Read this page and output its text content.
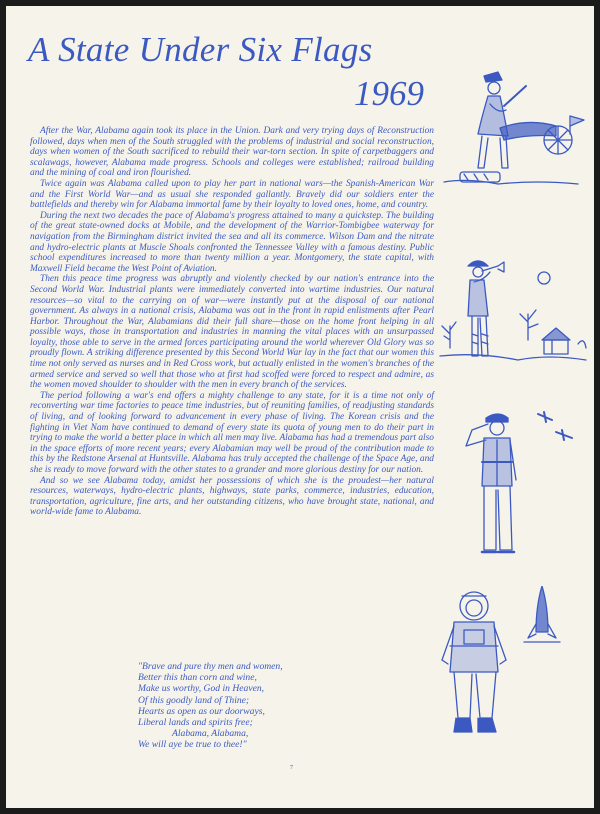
A State Under Six Flags
1969

After the War, Alabama again took its place in the Union. Dark and very trying days of Reconstruction followed, days when men of the South struggled with the problems of industrial and social reconstruction, days when women of the South sacrificed to rebuild their war-torn section. In spite of carpetbaggers and scalawags, however, Alabama made progress. Schools and colleges were established; railroad building and the mining of coal and iron flourished.

Twice again was Alabama called upon to play her part in national wars—the Spanish-American War and the First World War—and as usual she responded gallantly. Bravely did our soldiers enter the battlefields and thereby win for Alabama immortal fame by their loyalty to loved ones, home, and country.

During the next two decades the pace of Alabama's progress attained to many a quickstep. The building of the great state-owned docks at Mobile, and the development of the Warrior-Tombigbee waterway for navigation from the Birmingham district invited the sea and all its commerce. Wilson Dam and the nitrate and hydro-electric plants at Muscle Shoals confronted the Tennessee Valley with a famous destiny. Public school expenditures increased to more than twenty million a year. Montgomery, the state capital, with Maxwell Field became the West Point of Aviation.

Then this peace time progress was abruptly and violently checked by our nation's entrance into the Second World War. Industrial plants were immediately converted into wartime industries. Our natural resources—so vital to the carrying on of war—were instantly put at the disposal of our national government. As always in a national crisis, Alabama was out in the front in rapid enlistments after Pearl Harbor. Throughout the War, Alabamians did their full share—those on the home front helping in all possible ways, those in transportation and industries in manning the vital places with an unsurpassed loyalty, those able to serve in the armed forces participating around the world wherever Old Glory was so proudly flown. A striking difference presented by this Second World War lay in the fact that our women this time not only served as nurses and in Red Cross work, but actually enlisted in the women's branches of the armed service and served so well that those who at first had scoffed were forced to respect and admire, as the women moved shoulder to shoulder with the men in every branch of the services.

The period following a war's end offers a mighty challenge to any state, for it is a time not only of reconverting war time factories to peace time industries, but of reuniting families, of readjusting standards of living, and of looking forward to advancement in every phase of living. The Korean crisis and the fighting in Viet Nam have continued to demand of every state its quota of young men to do their part in trying to make the world a better place in which all men may live. Alabama has had a tremendous part also in the space efforts of more recent years; every Alabamian may well be proud of the contribution made to this by the Redstone Arsenal at Huntsville. Alabama has truly accepted the challenge of the Space Age, and she is ready to move forward with the other states to a grander and more glorious destiny for our nation.

And so we see Alabama today, amidst her possessions of which she is the proudest—her natural resources, waterways, hydro-electric plants, highways, state parks, commerce, industries, education, transportation, agriculture, fine arts, and her outstanding citizens, who have brought state, national, and world-wide fame to Alabama.

"Brave and pure thy men and women,
Better this than corn and wine,
Make us worthy, God in Heaven,
Of this goodly land of Thine;
Hearts as open as our doorways,
Liberal lands and spirits free;
Alabama, Alabama,
We will aye be true to thee!"
7
